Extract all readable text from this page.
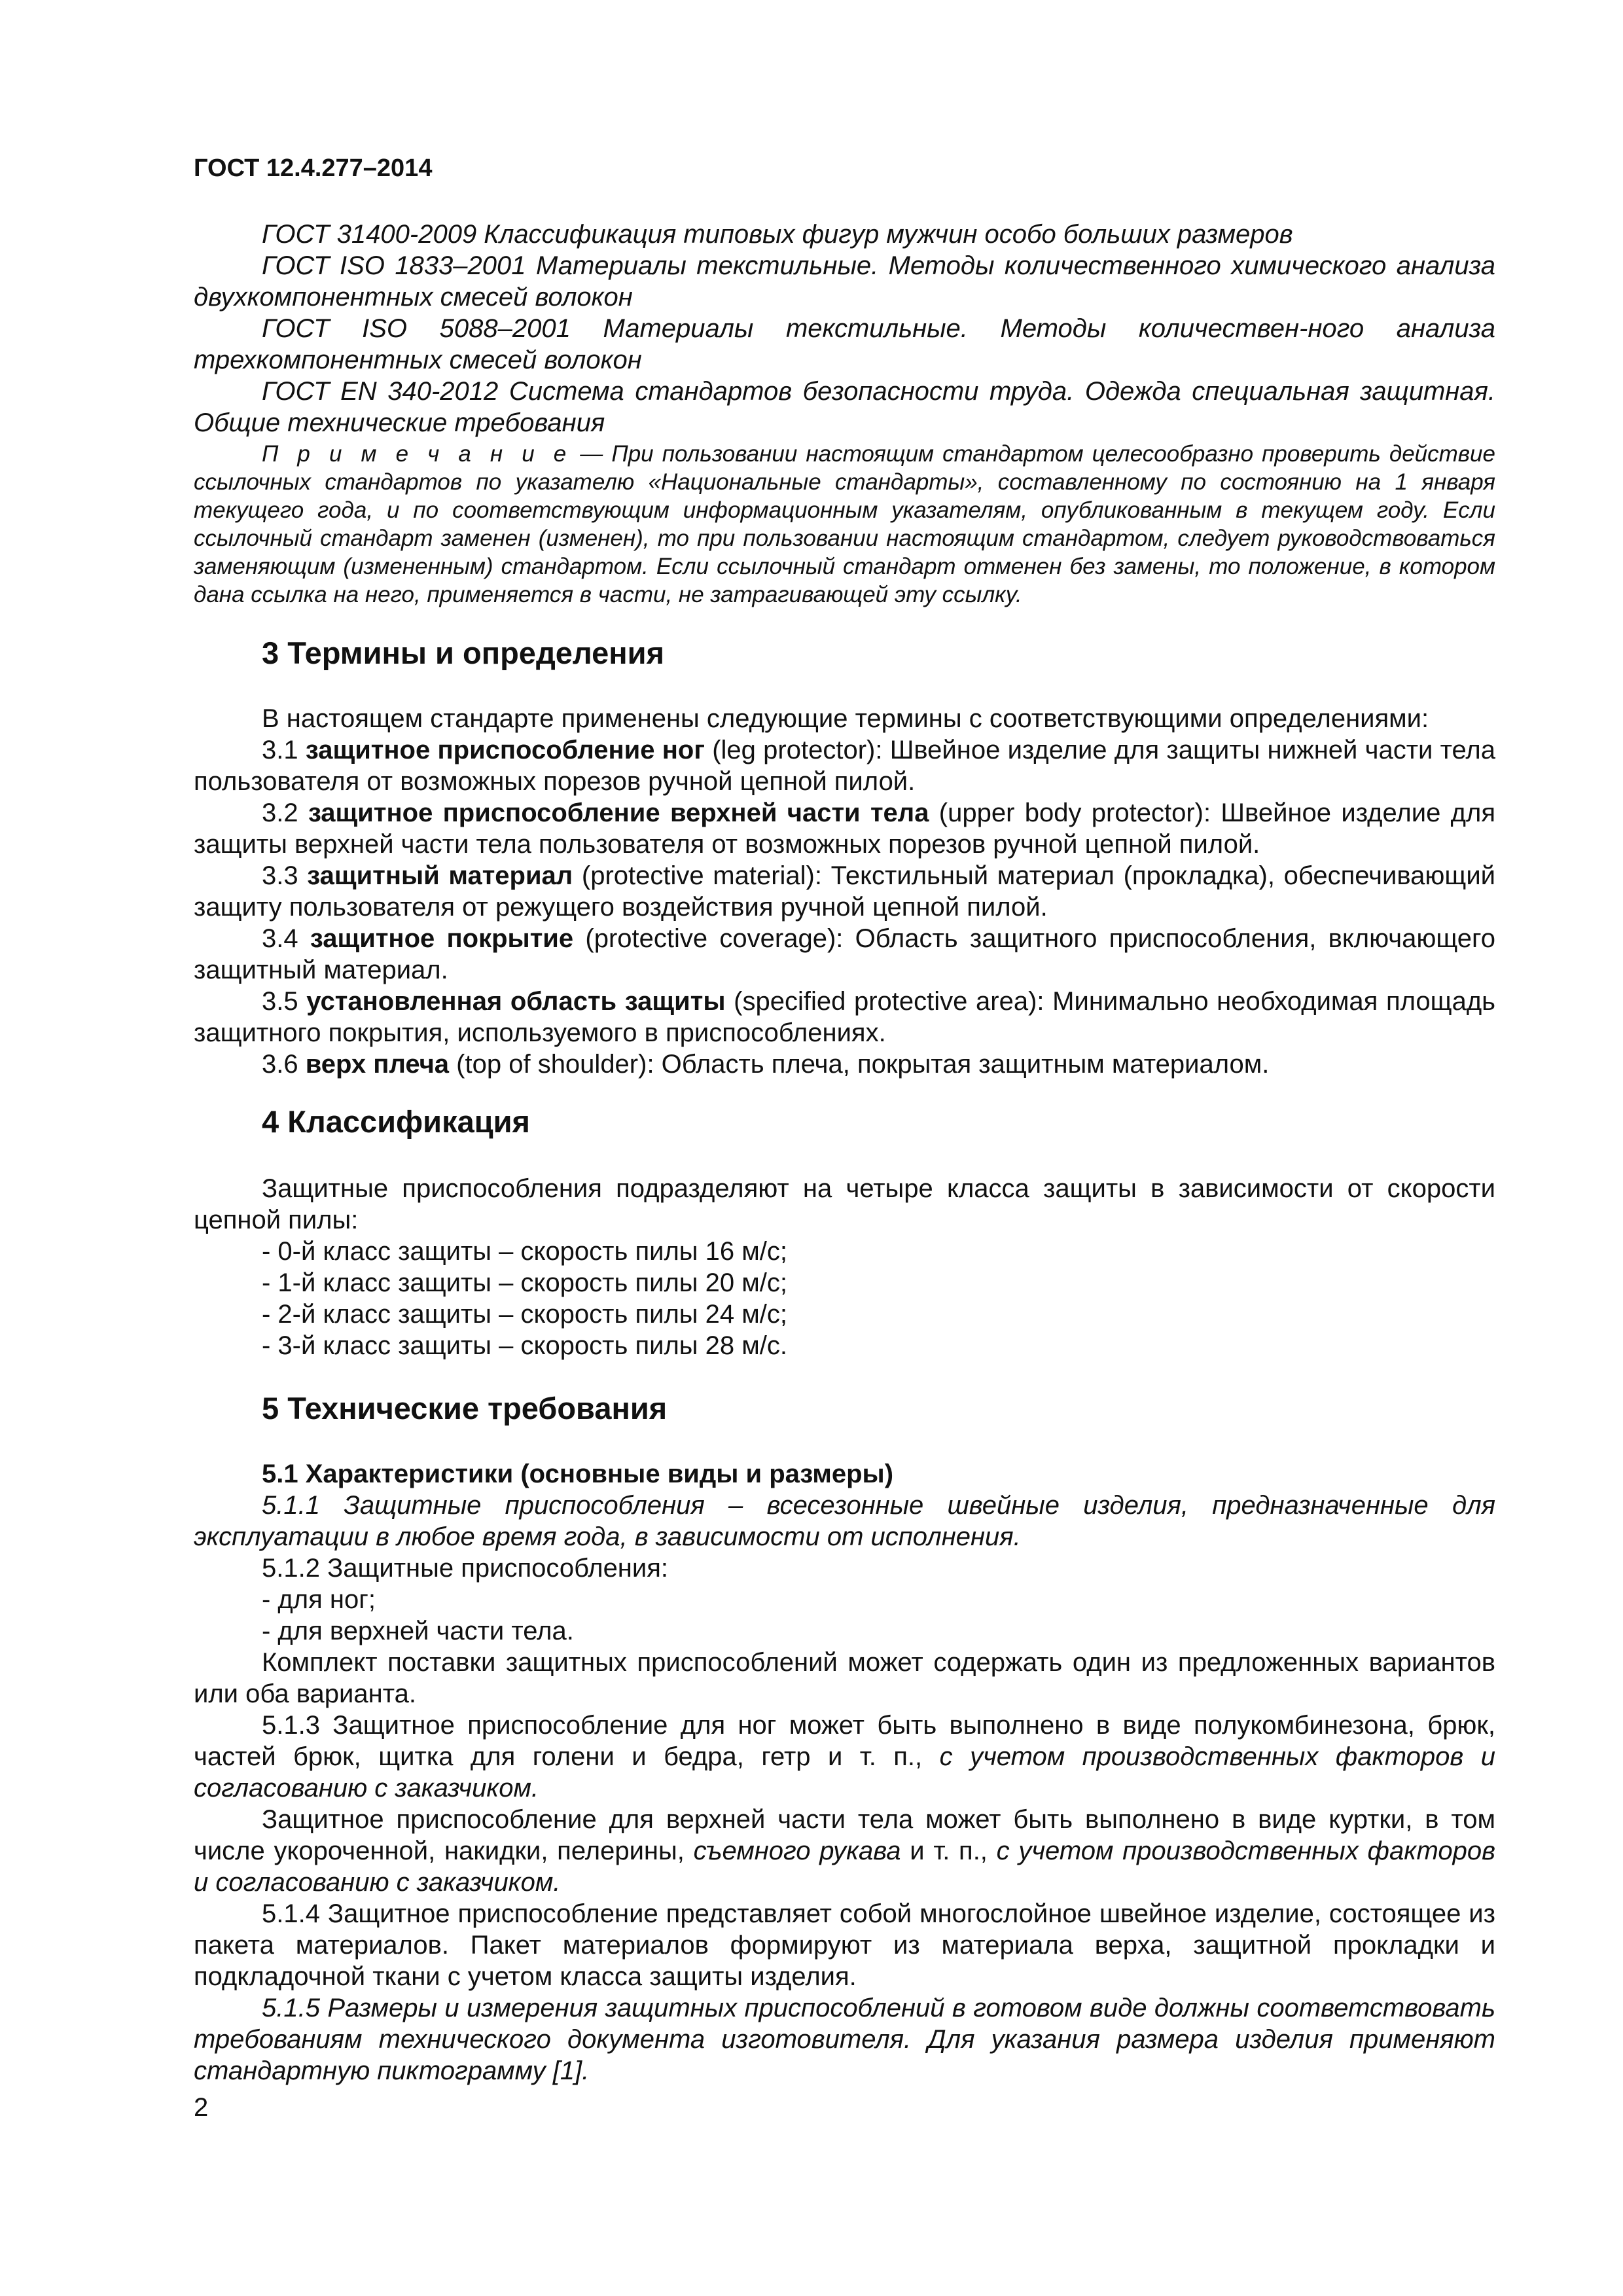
ГОСТ 12.4.277–2014

ГОСТ 31400-2009 Классификация типовых фигур мужчин особо больших размеров

ГОСТ ISO 1833–2001 Материалы текстильные. Методы количественного химического анализа двухкомпонентных смесей волокон

ГОСТ ISO 5088–2001 Материалы текстильные. Методы количествен-ного анализа трехкомпонентных смесей волокон

ГОСТ EN 340-2012 Система стандартов безопасности труда. Одежда специальная защитная. Общие технические требования

П р и м е ч а н и е — При пользовании настоящим стандартом целесообразно проверить действие ссылочных стандартов по указателю «Национальные стандарты», составленному по состоянию на 1 января текущего года, и по соответствующим информационным указателям, опубликованным в текущем году. Если ссылочный стандарт заменен (изменен), то при пользовании настоящим стандартом, следует руководствоваться заменяющим (измененным) стандартом. Если ссылочный стандарт отменен без замены, то положение, в котором дана ссылка на него, применяется в части, не затрагивающей эту ссылку.

3 Термины и определения

В настоящем стандарте применены следующие термины с соответствующими определениями:

3.1 защитное приспособление ног (leg protector): Швейное изделие для защиты нижней части тела пользователя от возможных порезов ручной цепной пилой.

3.2 защитное приспособление верхней части тела (upper body protector): Швейное изделие для защиты верхней части тела пользователя от возможных порезов ручной цепной пилой.

3.3 защитный материал (protective material): Текстильный материал (прокладка), обеспечивающий защиту пользователя от режущего воздействия ручной цепной пилой.

3.4 защитное покрытие (protective coverage): Область защитного приспособления, включающего защитный материал.

3.5 установленная область защиты (specified protective area): Минимально необходимая площадь защитного покрытия, используемого в приспособлениях.

3.6 верх плеча (top of shoulder): Область плеча, покрытая защитным материалом.

4 Классификация

Защитные приспособления подразделяют на четыре класса защиты в зависимости от скорости цепной пилы:

- 0-й класс защиты – скорость пилы 16 м/с;

- 1-й класс защиты – скорость пилы 20 м/с;

- 2-й класс защиты – скорость пилы 24 м/с;

- 3-й класс защиты – скорость пилы 28 м/с.

5 Технические требования

5.1 Характеристики (основные виды и размеры)

5.1.1 Защитные приспособления – всесезонные швейные изделия, предназначенные для эксплуатации в любое время года, в зависимости от исполнения.

5.1.2 Защитные приспособления:

- для ног;

- для верхней части тела.

Комплект поставки защитных приспособлений может содержать один из предложенных вариантов или оба варианта.

5.1.3 Защитное приспособление для ног может быть выполнено в виде полукомбинезона, брюк, частей брюк, щитка для голени и бедра, гетр и т. п., с учетом производственных факторов и согласованию с заказчиком.

Защитное приспособление для верхней части тела может быть выполнено в виде куртки, в том числе укороченной, накидки, пелерины, съемного рукава и т. п., с учетом производственных факторов и согласованию с заказчиком.

5.1.4 Защитное приспособление представляет собой многослойное швейное изделие, состоящее из пакета материалов. Пакет материалов формируют из материала верха, защитной прокладки и подкладочной ткани с учетом класса защиты изделия.

5.1.5 Размеры и измерения защитных приспособлений в готовом виде должны соответствовать требованиям технического документа изготовителя. Для указания размера изделия применяют стандартную пиктограмму [1].

2
